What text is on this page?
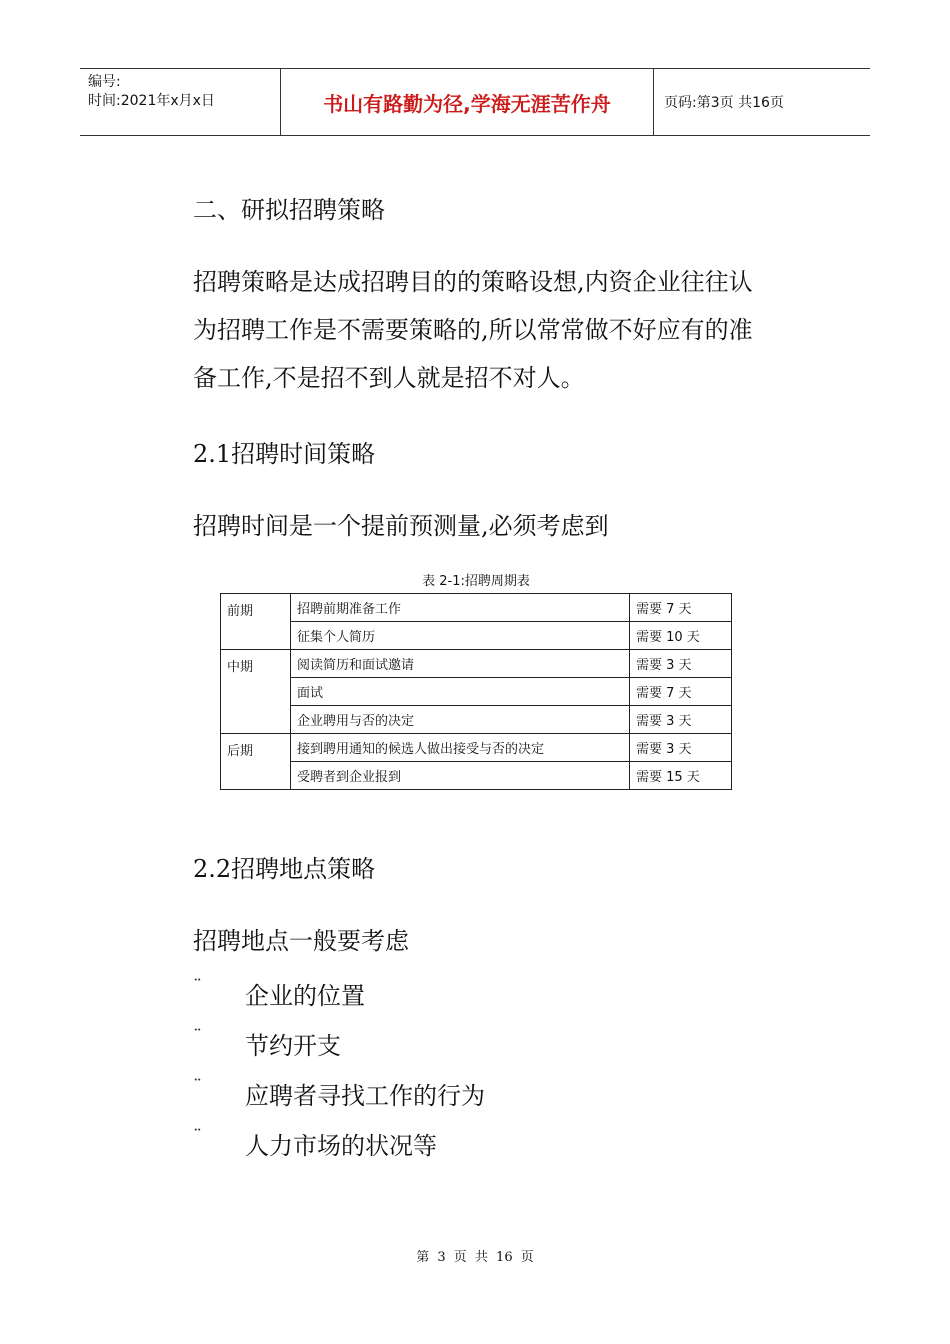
编号:
时间:2021年x月x日	书山有路勤为径,学海无涯苦作舟	页码:第3页 共16页

二、研拟招聘策略

招聘策略是达成招聘目的的策略设想,内资企业往往认为招聘工作是不需要策略的,所以常常做不好应有的准备工作,不是招不到人就是招不对人。

2.1招聘时间策略

招聘时间是一个提前预测量,必须考虑到

表 2-1:招聘周期表
前期	招聘前期准备工作	需要 7 天
	征集个人简历	需要 10 天
中期	阅读简历和面试邀请	需要 3 天
	面试	需要 7 天
	企业聘用与否的决定	需要 3 天
后期	接到聘用通知的候选人做出接受与否的决定	需要 3 天
	受聘者到企业报到	需要 15 天

2.2招聘地点策略

招聘地点一般要考虑

¨	企业的位置
¨	节约开支
¨	应聘者寻找工作的行为
¨	人力市场的状况等
第 3 页 共 16 页
